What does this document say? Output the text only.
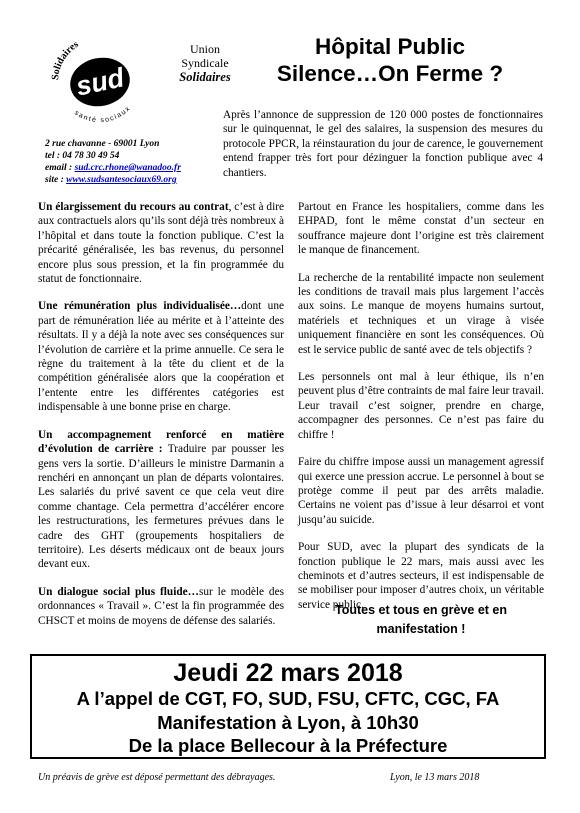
Solidaires
sud
santé sociaux
Union
Syndicale
Solidaires
2 rue chavanne - 69001 Lyon
tel : 04 78 30 49 54
email : sud.crc.rhone@wanadoo.fr
site : www.sudsantesociaux69.org
Hôpital Public
Silence…On Ferme ?
Après l’annonce de suppression de 120 000 postes de fonctionnaires sur le quinquennat, le gel des salaires, la suspension des mesures du protocole PPCR, la réinstauration du jour de carence, le gouvernement entend frapper très fort pour dézinguer la fonction publique avec 4 chantiers.

Un élargissement du recours au contrat, c’est à dire aux contractuels alors qu’ils sont déjà très nombreux à l’hôpital et dans toute la fonction publique. C’est la précarité généralisée, les bas revenus, du personnel encore plus sous pression, et la fin programmée du statut de fonctionnaire.

Une rémunération plus individualisée…dont une part de rémunération liée au mérite et à l’atteinte des résultats. Il y a déjà la note avec ses conséquences sur l’évolution de carrière et la prime annuelle. Ce sera le règne du traitement à la tête du client et de la compétition généralisée alors que la coopération et l’entente entre les différentes catégories est indispensable à une bonne prise en charge.

Un accompagnement renforcé en matière d’évolution de carrière : Traduire par pousser les gens vers la sortie. D’ailleurs le ministre Darmanin a renchéri en annonçant un plan de départs volontaires. Les salariés du privé savent ce que cela veut dire comme chantage. Cela permettra d’accélérer encore les restructurations, les fermetures prévues dans le cadre des GHT (groupements hospitaliers de territoire). Les déserts médicaux ont de beaux jours devant eux.

Un dialogue social plus fluide…sur le modèle des ordonnances « Travail ». C’est la fin programmée des CHSCT et moins de moyens de défense des salariés.

Partout en France les hospitaliers, comme dans les EHPAD, font le même constat d’un secteur en souffrance majeure dont l’origine est très clairement le manque de financement.

La recherche de la rentabilité impacte non seulement les conditions de travail mais plus largement l’accès aux soins. Le manque de moyens humains surtout, matériels et techniques et un virage à visée uniquement financière en sont les conséquences. Où est le service public de santé avec de tels objectifs ?

Les personnels ont mal à leur éthique, ils n’en peuvent plus d’être contraints de mal faire leur travail. Leur travail c’est soigner, prendre en charge, accompagner des personnes. Ce n’est pas faire du chiffre !

Faire du chiffre impose aussi un management agressif qui exerce une pression accrue. Le personnel à bout se protège comme il peut par des arrêts maladie. Certains ne voient pas d’issue à leur désarroi et vont jusqu’au suicide.

Pour SUD, avec la plupart des syndicats de la fonction publique le 22 mars, mais aussi avec les cheminots et d’autres secteurs, il est indispensable de se mobiliser pour imposer d’autres choix, un véritable service public.

Toutes et tous en grève et en
manifestation !
Jeudi 22 mars 2018
A l’appel de CGT, FO, SUD, FSU, CFTC, CGC, FA
Manifestation à Lyon, à 10h30
De la place Bellecour à la Préfecture
Un préavis de grève est déposé permettant des débrayages.	Lyon, le 13 mars 2018
